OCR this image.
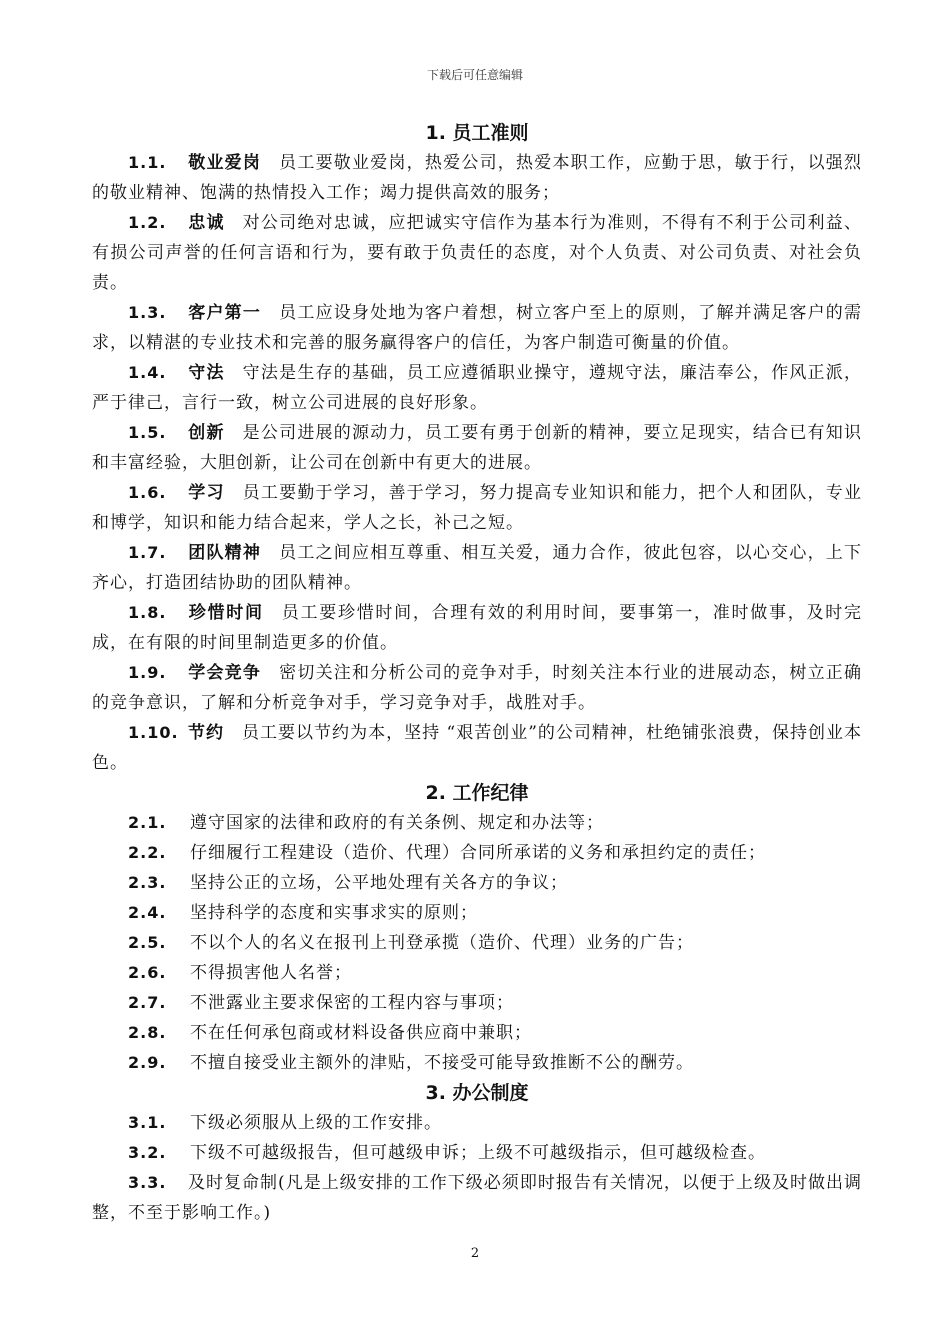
下载后可任意编辑
1. 员工准则
1.1. 敬业爱岗 员工要敬业爱岗，热爱公司，热爱本职工作，应勤于思，敏于行，以强烈的敬业精神、饱满的热情投入工作；竭力提供高效的服务；
1.2. 忠诚 对公司绝对忠诚，应把诚实守信作为基本行为准则，不得有不利于公司利益、有损公司声誉的任何言语和行为，要有敢于负责任的态度，对个人负责、对公司负责、对社会负责。
1.3. 客户第一 员工应设身处地为客户着想，树立客户至上的原则，了解并满足客户的需求，以精湛的专业技术和完善的服务赢得客户的信任，为客户制造可衡量的价值。
1.4. 守法 守法是生存的基础，员工应遵循职业操守，遵规守法，廉洁奉公，作风正派，严于律己，言行一致，树立公司进展的良好形象。
1.5. 创新 是公司进展的源动力，员工要有勇于创新的精神，要立足现实，结合已有知识和丰富经验，大胆创新，让公司在创新中有更大的进展。
1.6. 学习 员工要勤于学习，善于学习，努力提高专业知识和能力，把个人和团队，专业和博学，知识和能力结合起来，学人之长，补己之短。
1.7. 团队精神 员工之间应相互尊重、相互关爱，通力合作，彼此包容，以心交心，上下齐心，打造团结协助的团队精神。
1.8. 珍惜时间 员工要珍惜时间，合理有效的利用时间，要事第一，准时做事，及时完成，在有限的时间里制造更多的价值。
1.9. 学会竞争 密切关注和分析公司的竞争对手，时刻关注本行业的进展动态，树立正确的竞争意识，了解和分析竞争对手，学习竞争对手，战胜对手。
1.10. 节约 员工要以节约为本，坚持 “艰苦创业”的公司精神，杜绝铺张浪费，保持创业本色。
2. 工作纪律
2.1. 遵守国家的法律和政府的有关条例、规定和办法等；
2.2. 仔细履行工程建设（造价、代理）合同所承诺的义务和承担约定的责任；
2.3. 坚持公正的立场，公平地处理有关各方的争议；
2.4. 坚持科学的态度和实事求实的原则；
2.5. 不以个人的名义在报刊上刊登承揽（造价、代理）业务的广告；
2.6. 不得损害他人名誉；
2.7. 不泄露业主要求保密的工程内容与事项；
2.8. 不在任何承包商或材料设备供应商中兼职；
2.9. 不擅自接受业主额外的津贴，不接受可能导致推断不公的酬劳。
3. 办公制度
3.1. 下级必须服从上级的工作安排。
3.2. 下级不可越级报告，但可越级申诉；上级不可越级指示，但可越级检查。
3.3. 及时复命制(凡是上级安排的工作下级必须即时报告有关情况，以便于上级及时做出调整，不至于影响工作。)
2
